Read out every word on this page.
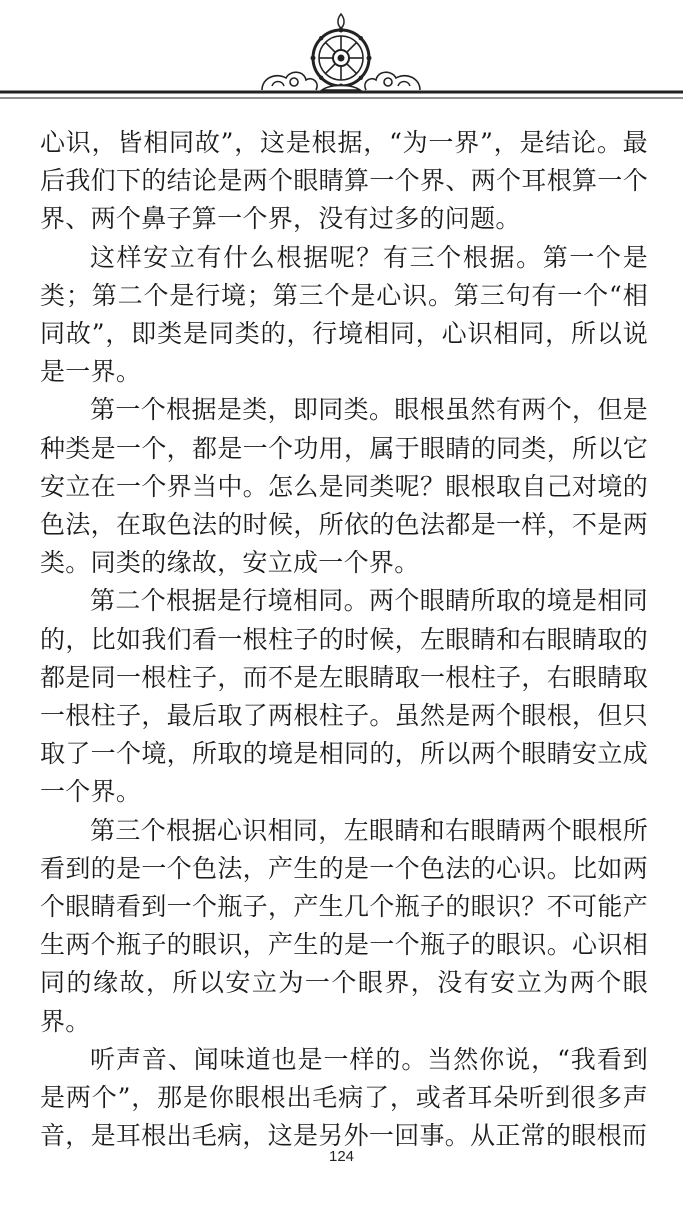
心识，皆相同故”，这是根据，“为一界”，是结论。最后我们下的结论是两个眼睛算一个界、两个耳根算一个界、两个鼻子算一个界，没有过多的问题。

这样安立有什么根据呢？有三个根据。第一个是类；第二个是行境；第三个是心识。第三句有一个“相同故”，即类是同类的，行境相同，心识相同，所以说是一界。

第一个根据是类，即同类。眼根虽然有两个，但是种类是一个，都是一个功用，属于眼睛的同类，所以它安立在一个界当中。怎么是同类呢？眼根取自己对境的色法，在取色法的时候，所依的色法都是一样，不是两类。同类的缘故，安立成一个界。

第二个根据是行境相同。两个眼睛所取的境是相同的，比如我们看一根柱子的时候，左眼睛和右眼睛取的都是同一根柱子，而不是左眼睛取一根柱子，右眼睛取一根柱子，最后取了两根柱子。虽然是两个眼根，但只取了一个境，所取的境是相同的，所以两个眼睛安立成一个界。

第三个根据心识相同，左眼睛和右眼睛两个眼根所看到的是一个色法，产生的是一个色法的心识。比如两个眼睛看到一个瓶子，产生几个瓶子的眼识？不可能产生两个瓶子的眼识，产生的是一个瓶子的眼识。心识相同的缘故，所以安立为一个眼界，没有安立为两个眼界。

听声音、闻味道也是一样的。当然你说，“我看到是两个”，那是你眼根出毛病了，或者耳朵听到很多声音，是耳根出毛病，这是另外一回事。从正常的眼根而

124
